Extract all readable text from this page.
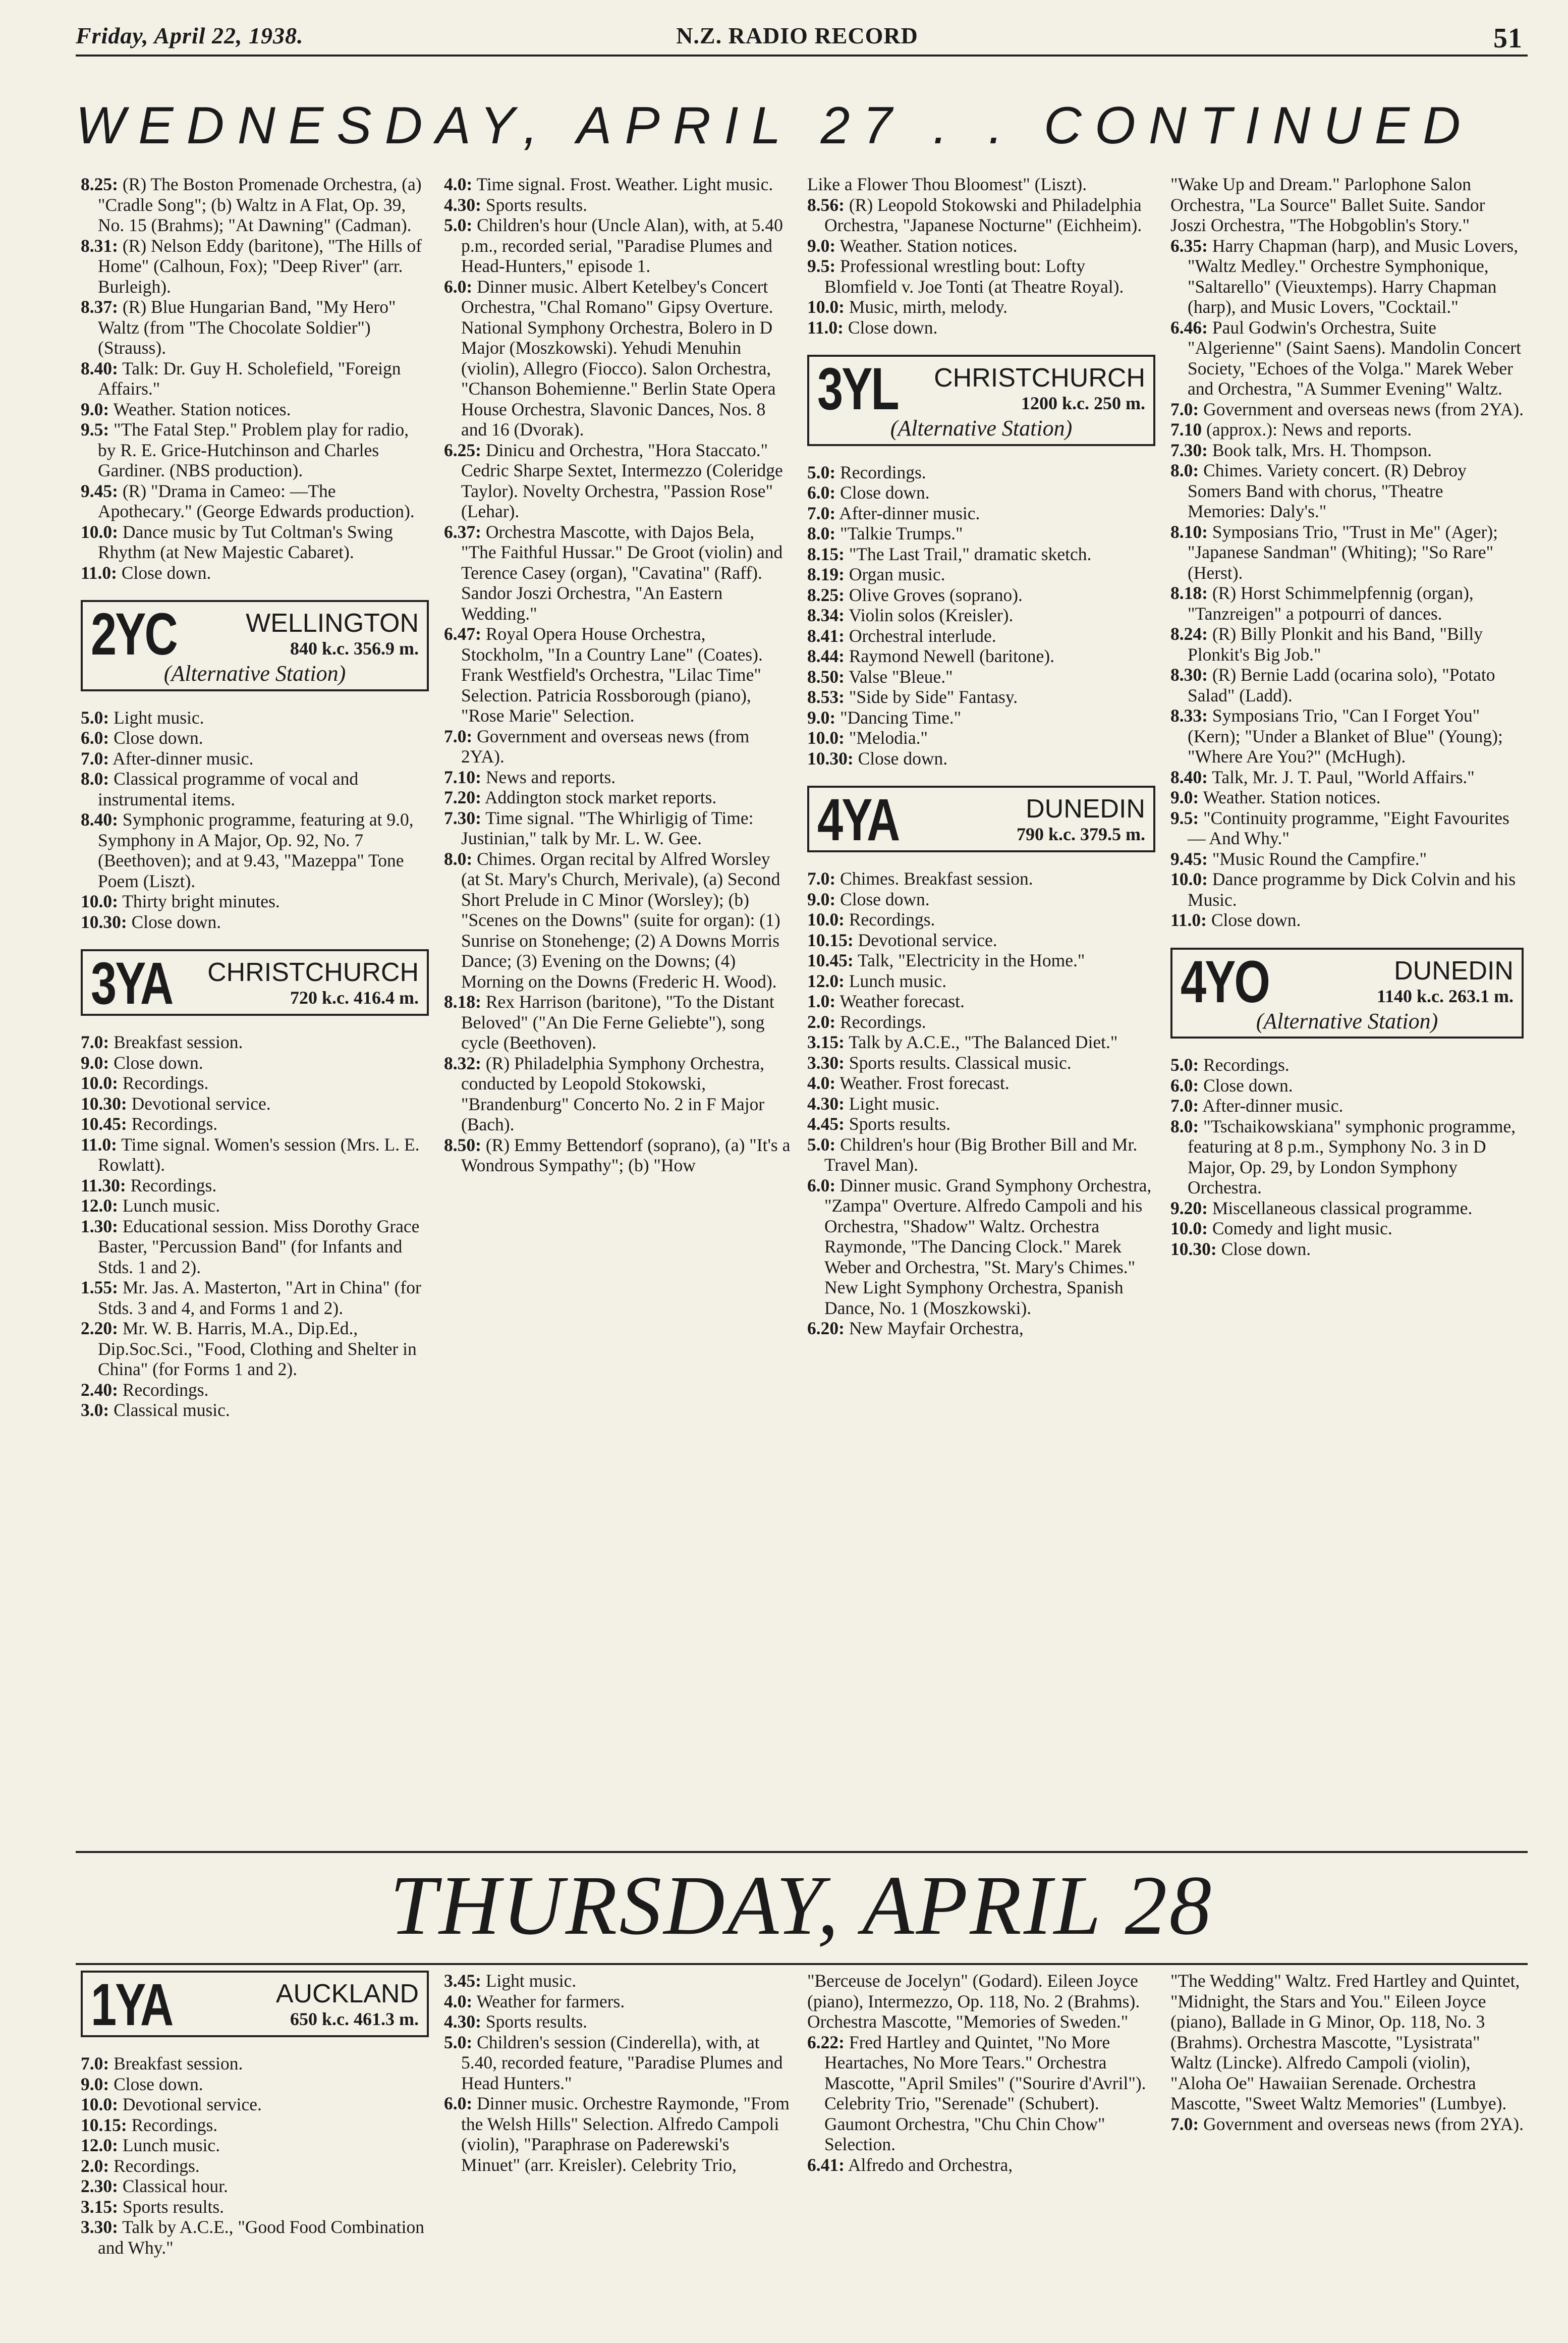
Friday, April 22, 1938.	N.Z. RADIO RECORD	51
WEDNESDAY, APRIL 27 . . CONTINUED
8.25: (R) The Boston Promenade Orchestra, (a) "Cradle Song"; (b) Waltz in A Flat, Op. 39, No. 15 (Brahms); "At Dawning" (Cadman).
8.31: (R) Nelson Eddy (baritone), "The Hills of Home" (Calhoun, Fox); "Deep River" (arr. Burleigh).
8.37: (R) Blue Hungarian Band, "My Hero" Waltz (from "The Chocolate Soldier") (Strauss).
8.40: Talk: Dr. Guy H. Scholefield, "Foreign Affairs."
9.0: Weather. Station notices.
9.5: "The Fatal Step." Problem play for radio, by R. E. Grice-Hutchinson and Charles Gardiner. (NBS production).
9.45: (R) "Drama in Cameo: —The Apothecary." (George Edwards production).
10.0: Dance music by Tut Coltman's Swing Rhythm (at New Majestic Cabaret).
11.0: Close down.
2YC	WELLINGTON
840 k.c. 356.9 m.
(Alternative Station)
5.0: Light music.
6.0: Close down.
7.0: After-dinner music.
8.0: Classical programme of vocal and instrumental items.
8.40: Symphonic programme, featuring at 9.0, Symphony in A Major, Op. 92, No. 7 (Beethoven); and at 9.43, "Mazeppa" Tone Poem (Liszt).
10.0: Thirty bright minutes.
10.30: Close down.
3YA	CHRISTCHURCH
720 k.c. 416.4 m.
7.0: Breakfast session.
9.0: Close down.
10.0: Recordings.
10.30: Devotional service.
10.45: Recordings.
11.0: Time signal. Women's session (Mrs. L. E. Rowlatt).
11.30: Recordings.
12.0: Lunch music.
1.30: Educational session. Miss Dorothy Grace Baster, "Percussion Band" (for Infants and Stds. 1 and 2).
1.55: Mr. Jas. A. Masterton, "Art in China" (for Stds. 3 and 4, and Forms 1 and 2).
2.20: Mr. W. B. Harris, M.A., Dip.Ed., Dip.Soc.Sci., "Food, Clothing and Shelter in China" (for Forms 1 and 2).
2.40: Recordings.
3.0: Classical music.
4.0: Time signal. Frost. Weather. Light music.
4.30: Sports results.
5.0: Children's hour (Uncle Alan), with, at 5.40 p.m., recorded serial, "Paradise Plumes and Head-Hunters," episode 1.
6.0: Dinner music. Albert Ketelbey's Concert Orchestra, "Chal Romano" Gipsy Overture. National Symphony Orchestra, Bolero in D Major (Moszkowski). Yehudi Menuhin (violin), Allegro (Fiocco). Salon Orchestra, "Chanson Bohemienne." Berlin State Opera House Orchestra, Slavonic Dances, Nos. 8 and 16 (Dvorak).
6.25: Dinicu and Orchestra, "Hora Staccato." Cedric Sharpe Sextet, Intermezzo (Coleridge Taylor). Novelty Orchestra, "Passion Rose" (Lehar).
6.37: Orchestra Mascotte, with Dajos Bela, "The Faithful Hussar." De Groot (violin) and Terence Casey (organ), "Cavatina" (Raff). Sandor Joszi Orchestra, "An Eastern Wedding."
6.47: Royal Opera House Orchestra, Stockholm, "In a Country Lane" (Coates). Frank Westfield's Orchestra, "Lilac Time" Selection. Patricia Rossborough (piano), "Rose Marie" Selection.
7.0: Government and overseas news (from 2YA).
7.10: News and reports.
7.20: Addington stock market reports.
7.30: Time signal. "The Whirligig of Time: Justinian," talk by Mr. L. W. Gee.
8.0: Chimes. Organ recital by Alfred Worsley (at St. Mary's Church, Merivale), (a) Second Short Prelude in C Minor (Worsley); (b) "Scenes on the Downs" (suite for organ): (1) Sunrise on Stonehenge; (2) A Downs Morris Dance; (3) Evening on the Downs; (4) Morning on the Downs (Frederic H. Wood).
8.18: Rex Harrison (baritone), "To the Distant Beloved" ("An Die Ferne Geliebte"), song cycle (Beethoven).
8.32: (R) Philadelphia Symphony Orchestra, conducted by Leopold Stokowski, "Brandenburg" Concerto No. 2 in F Major (Bach).
8.50: (R) Emmy Bettendorf (soprano), (a) "It's a Wondrous Sympathy"; (b) "How
Like a Flower Thou Bloomest" (Liszt).
8.56: (R) Leopold Stokowski and Philadelphia Orchestra, "Japanese Nocturne" (Eichheim).
9.0: Weather. Station notices.
9.5: Professional wrestling bout: Lofty Blomfield v. Joe Tonti (at Theatre Royal).
10.0: Music, mirth, melody.
11.0: Close down.
3YL	CHRISTCHURCH
1200 k.c. 250 m.
(Alternative Station)
5.0: Recordings.
6.0: Close down.
7.0: After-dinner music.
8.0: "Talkie Trumps."
8.15: "The Last Trail," dramatic sketch.
8.19: Organ music.
8.25: Olive Groves (soprano).
8.34: Violin solos (Kreisler).
8.41: Orchestral interlude.
8.44: Raymond Newell (baritone).
8.50: Valse "Bleue."
8.53: "Side by Side" Fantasy.
9.0: "Dancing Time."
10.0: "Melodia."
10.30: Close down.
4YA	DUNEDIN
790 k.c. 379.5 m.
7.0: Chimes. Breakfast session.
9.0: Close down.
10.0: Recordings.
10.15: Devotional service.
10.45: Talk, "Electricity in the Home."
12.0: Lunch music.
1.0: Weather forecast.
2.0: Recordings.
3.15: Talk by A.C.E., "The Balanced Diet."
3.30: Sports results. Classical music.
4.0: Weather. Frost forecast.
4.30: Light music.
4.45: Sports results.
5.0: Children's hour (Big Brother Bill and Mr. Travel Man).
6.0: Dinner music. Grand Symphony Orchestra, "Zampa" Overture. Alfredo Campoli and his Orchestra, "Shadow" Waltz. Orchestra Raymonde, "The Dancing Clock." Marek Weber and Orchestra, "St. Mary's Chimes." New Light Symphony Orchestra, Spanish Dance, No. 1 (Moszkowski).
6.20: New Mayfair Orchestra,
"Wake Up and Dream." Parlophone Salon Orchestra, "La Source" Ballet Suite. Sandor Joszi Orchestra, "The Hobgoblin's Story."
6.35: Harry Chapman (harp), and Music Lovers, "Waltz Medley." Orchestre Symphonique, "Saltarello" (Vieuxtemps). Harry Chapman (harp), and Music Lovers, "Cocktail."
6.46: Paul Godwin's Orchestra, Suite "Algerienne" (Saint Saens). Mandolin Concert Society, "Echoes of the Volga." Marek Weber and Orchestra, "A Summer Evening" Waltz.
7.0: Government and overseas news (from 2YA).
7.10 (approx.): News and reports.
7.30: Book talk, Mrs. H. Thompson.
8.0: Chimes. Variety concert. (R) Debroy Somers Band with chorus, "Theatre Memories: Daly's."
8.10: Symposians Trio, "Trust in Me" (Ager); "Japanese Sandman" (Whiting); "So Rare" (Herst).
8.18: (R) Horst Schimmelpfennig (organ), "Tanzreigen" a potpourri of dances.
8.24: (R) Billy Plonkit and his Band, "Billy Plonkit's Big Job."
8.30: (R) Bernie Ladd (ocarina solo), "Potato Salad" (Ladd).
8.33: Symposians Trio, "Can I Forget You" (Kern); "Under a Blanket of Blue" (Young); "Where Are You?" (McHugh).
8.40: Talk, Mr. J. T. Paul, "World Affairs."
9.0: Weather. Station notices.
9.5: "Continuity programme, "Eight Favourites — And Why."
9.45: "Music Round the Campfire."
10.0: Dance programme by Dick Colvin and his Music.
11.0: Close down.
4YO	DUNEDIN
1140 k.c. 263.1 m.
(Alternative Station)
5.0: Recordings.
6.0: Close down.
7.0: After-dinner music.
8.0: "Tschaikowskiana" symphonic programme, featuring at 8 p.m., Symphony No. 3 in D Major, Op. 29, by London Symphony Orchestra.
9.20: Miscellaneous classical programme.
10.0: Comedy and light music.
10.30: Close down.
THURSDAY, APRIL 28
1YA	AUCKLAND
650 k.c. 461.3 m.
7.0: Breakfast session.
9.0: Close down.
10.0: Devotional service.
10.15: Recordings.
12.0: Lunch music.
2.0: Recordings.
2.30: Classical hour.
3.15: Sports results.
3.30: Talk by A.C.E., "Good Food Combination and Why."
3.45: Light music.
4.0: Weather for farmers.
4.30: Sports results.
5.0: Children's session (Cinderella), with, at 5.40, recorded feature, "Paradise Plumes and Head Hunters."
6.0: Dinner music. Orchestre Raymonde, "From the Welsh Hills" Selection. Alfredo Campoli (violin), "Paraphrase on Paderewski's Minuet" (arr. Kreisler). Celebrity Trio,
"Berceuse de Jocelyn" (Godard). Eileen Joyce (piano), Intermezzo, Op. 118, No. 2 (Brahms). Orchestra Mascotte, "Memories of Sweden."
6.22: Fred Hartley and Quintet, "No More Heartaches, No More Tears." Orchestra Mascotte, "April Smiles" ("Sourire d'Avril"). Celebrity Trio, "Serenade" (Schubert). Gaumont Orchestra, "Chu Chin Chow" Selection.
6.41: Alfredo and Orchestra,
"The Wedding" Waltz. Fred Hartley and Quintet, "Midnight, the Stars and You." Eileen Joyce (piano), Ballade in G Minor, Op. 118, No. 3 (Brahms). Orchestra Mascotte, "Lysistrata" Waltz (Lincke). Alfredo Campoli (violin), "Aloha Oe" Hawaiian Serenade. Orchestra Mascotte, "Sweet Waltz Memories" (Lumbye).
7.0: Government and overseas news (from 2YA).
